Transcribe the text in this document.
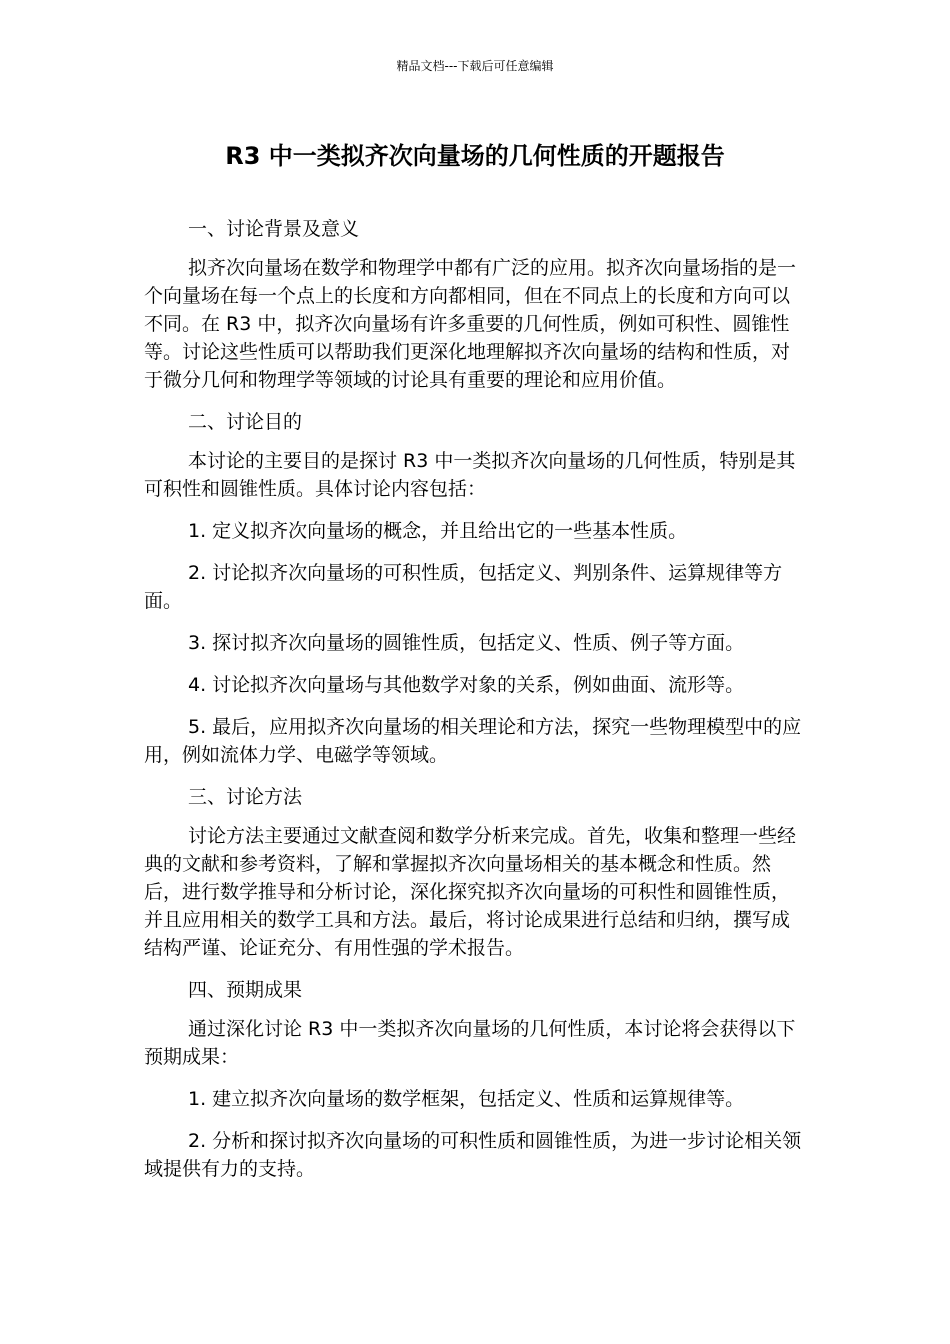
精品文档---下载后可任意编辑
R3 中一类拟齐次向量场的几何性质的开题报告

一、讨论背景及意义

拟齐次向量场在数学和物理学中都有广泛的应用。拟齐次向量场指的是一个向量场在每一个点上的长度和方向都相同，但在不同点上的长度和方向可以不同。在 R3 中，拟齐次向量场有许多重要的几何性质，例如可积性、圆锥性等。讨论这些性质可以帮助我们更深化地理解拟齐次向量场的结构和性质，对于微分几何和物理学等领域的讨论具有重要的理论和应用价值。

二、讨论目的

本讨论的主要目的是探讨 R3 中一类拟齐次向量场的几何性质，特别是其可积性和圆锥性质。具体讨论内容包括：

1. 定义拟齐次向量场的概念，并且给出它的一些基本性质。

2. 讨论拟齐次向量场的可积性质，包括定义、判别条件、运算规律等方面。

3. 探讨拟齐次向量场的圆锥性质，包括定义、性质、例子等方面。

4. 讨论拟齐次向量场与其他数学对象的关系，例如曲面、流形等。

5. 最后，应用拟齐次向量场的相关理论和方法，探究一些物理模型中的应用，例如流体力学、电磁学等领域。

三、讨论方法

讨论方法主要通过文献查阅和数学分析来完成。首先，收集和整理一些经典的文献和参考资料，了解和掌握拟齐次向量场相关的基本概念和性质。然后，进行数学推导和分析讨论，深化探究拟齐次向量场的可积性和圆锥性质，并且应用相关的数学工具和方法。最后，将讨论成果进行总结和归纳，撰写成结构严谨、论证充分、有用性强的学术报告。

四、预期成果

通过深化讨论 R3 中一类拟齐次向量场的几何性质，本讨论将会获得以下预期成果：

1. 建立拟齐次向量场的数学框架，包括定义、性质和运算规律等。

2. 分析和探讨拟齐次向量场的可积性质和圆锥性质，为进一步讨论相关领域提供有力的支持。
